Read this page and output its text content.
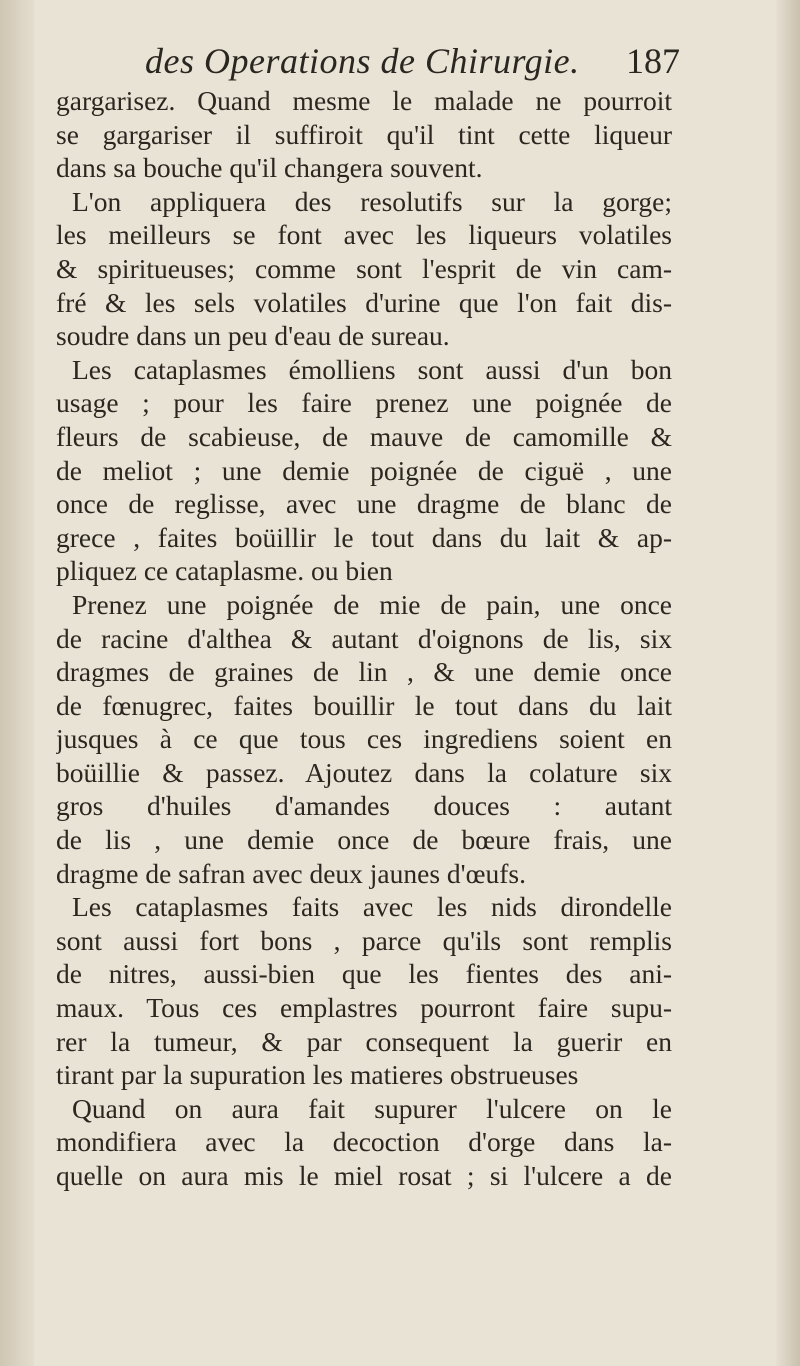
des Operations de Chirurgie. 187
gargarisez. Quand mesme le malade ne pourroit
se gargariser il suffiroit qu'il tint cette liqueur
dans sa bouche qu'il changera souvent.
L'on appliquera des resolutifs sur la gorge;
les meilleurs se font avec les liqueurs volatiles
& spiritueuses; comme sont l'esprit de vin cam-
fré & les sels volatiles d'urine que l'on fait dis-
soudre dans un peu d'eau de sureau.
Les cataplasmes émolliens sont aussi d'un bon
usage ; pour les faire prenez une poignée de
fleurs de scabieuse, de mauve de camomille &
de meliot ; une demie poignée de ciguë , une
once de reglisse, avec une dragme de blanc de
grece , faites boüillir le tout dans du lait & ap-
pliquez ce cataplasme. ou bien
Prenez une poignée de mie de pain, une once
de racine d'althea & autant d'oignons de lis, six
dragmes de graines de lin , & une demie once
de fœnugrec, faites bouillir le tout dans du lait
jusques à ce que tous ces ingrediens soient en
boüillie & passez. Ajoutez dans la colature six
gros d'huiles d'amandes douces : autant
de lis , une demie once de bœure frais, une
dragme de safran avec deux jaunes d'œufs.
Les cataplasmes faits avec les nids dirondelle
sont aussi fort bons , parce qu'ils sont remplis
de nitres, aussi-bien que les fientes des ani-
maux. Tous ces emplastres pourront faire supu-
rer la tumeur, & par consequent la guerir en
tirant par la supuration les matieres obstrueuses
Quand on aura fait supurer l'ulcere on le
mondifiera avec la decoction d'orge dans la-
quelle on aura mis le miel rosat ; si l'ulcere a de
